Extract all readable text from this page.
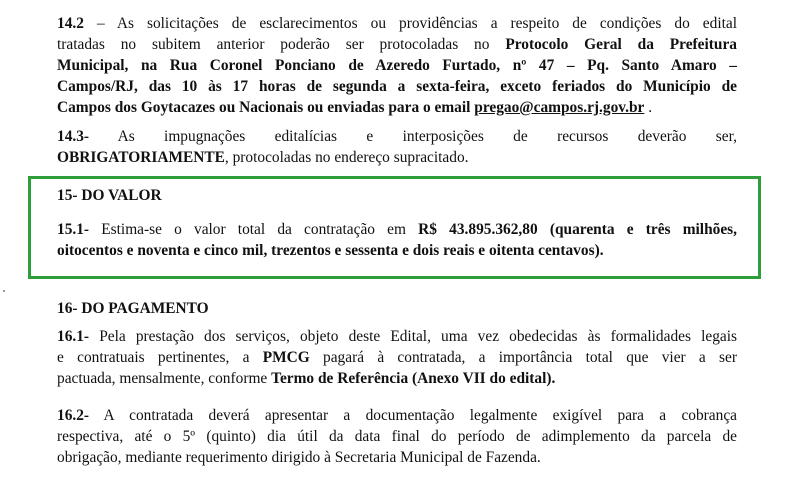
14.2 – As solicitações de esclarecimentos ou providências a respeito de condições do edital
tratadas no subitem anterior poderão ser protocoladas no Protocolo Geral da Prefeitura
Municipal, na Rua Coronel Ponciano de Azeredo Furtado, nº 47 – Pq. Santo Amaro –
Campos/RJ, das 10 às 17 horas de segunda a sexta-feira, exceto feriados do Município de
Campos dos Goytacazes ou Nacionais ou enviadas para o email pregao@campos.rj.gov.br .
14.3- As impugnações editalícias e interposições de recursos deverão ser,
OBRIGATORIAMENTE, protocoladas no endereço supracitado.
15- DO VALOR
15.1- Estima-se o valor total da contratação em R$ 43.895.362,80 (quarenta e três milhões,
oitocentos e noventa e cinco mil, trezentos e sessenta e dois reais e oitenta centavos).
16- DO PAGAMENTO
16.1- Pela prestação dos serviços, objeto deste Edital, uma vez obedecidas às formalidades legais
e contratuais pertinentes, a PMCG pagará à contratada, a importância total que vier a ser
pactuada, mensalmente, conforme Termo de Referência (Anexo VII do edital).
16.2- A contratada deverá apresentar a documentação legalmente exigível para a cobrança
respectiva, até o 5º (quinto) dia útil da data final do período de adimplemento da parcela de
obrigação, mediante requerimento dirigido à Secretaria Municipal de Fazenda.
